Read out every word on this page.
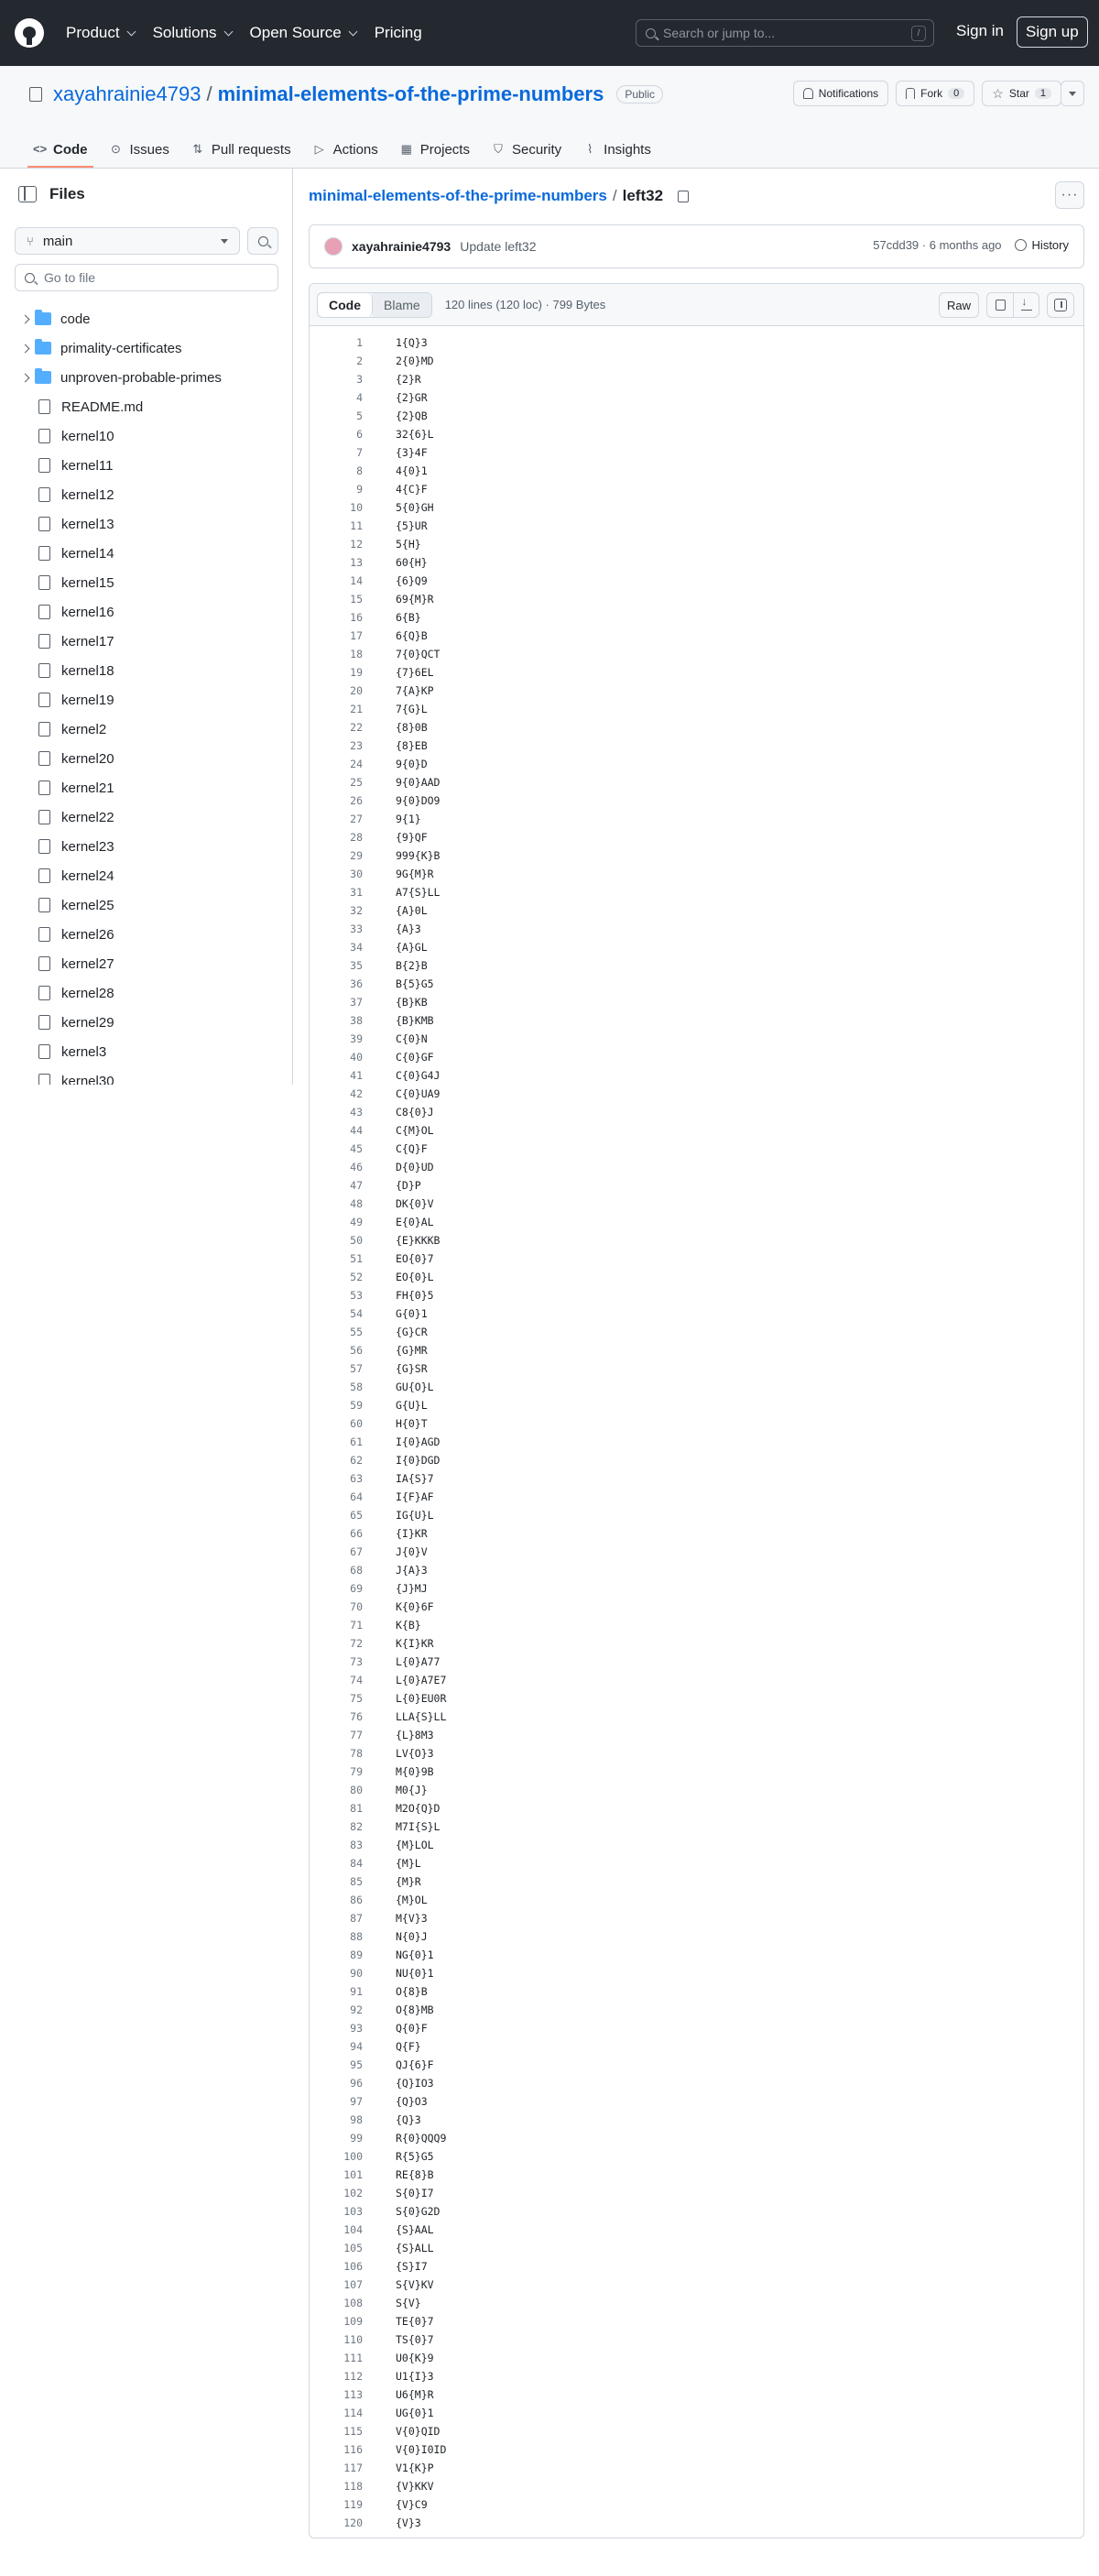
Product Solutions Open Source Pricing	Search or jump to...	/	Sign in	Sign up
xayahrainie4793 / minimal-elements-of-the-prime-numbers	Public	Notifications	Fork	0	☆ Star	1
<> Code ⊙ Issues ⇅ Pull requests ▷ Actions ▦ Projects ⛉ Security ⌇ Insights
Files
⑂ main
Go to file
code
primality-certificates
unproven-probable-primes
README.md
kernel10
kernel11
kernel12
kernel13
kernel14
kernel15
kernel16
kernel17
kernel18
kernel19
kernel2
kernel20
kernel21
kernel22
kernel23
kernel24
kernel25
kernel26
kernel27
kernel28
kernel29
kernel3
kernel30
minimal-elements-of-the-prime-numbers / left32	···
xayahrainie4793 Update left32	57cdd39 · 6 months ago	History
Code	Blame	120 lines (120 loc) · 799 Bytes	Raw
↓
1	1{Q}3
2	2{0}MD
3	{2}R
4	{2}GR
5	{2}QB
6	32{6}L
7	{3}4F
8	4{0}1
9	4{C}F
10	5{0}GH
11	{5}UR
12	5{H}
13	60{H}
14	{6}Q9
15	69{M}R
16	6{B}
17	6{Q}B
18	7{0}QCT
19	{7}6EL
20	7{A}KP
21	7{G}L
22	{8}0B
23	{8}EB
24	9{0}D
25	9{0}AAD
26	9{0}DO9
27	9{1}
28	{9}QF
29	999{K}B
30	9G{M}R
31	A7{S}LL
32	{A}0L
33	{A}3
34	{A}GL
35	B{2}B
36	B{5}G5
37	{B}KB
38	{B}KMB
39	C{0}N
40	C{0}GF
41	C{0}G4J
42	C{0}UA9
43	C8{0}J
44	C{M}OL
45	C{Q}F
46	D{0}UD
47	{D}P
48	DK{0}V
49	E{0}AL
50	{E}KKKB
51	EO{0}7
52	EO{0}L
53	FH{0}5
54	G{0}1
55	{G}CR
56	{G}MR
57	{G}SR
58	GU{O}L
59	G{U}L
60	H{0}T
61	I{0}AGD
62	I{0}DGD
63	IA{S}7
64	I{F}AF
65	IG{U}L
66	{I}KR
67	J{0}V
68	J{A}3
69	{J}MJ
70	K{0}6F
71	K{B}
72	K{I}KR
73	L{0}A77
74	L{0}A7E7
75	L{0}EU0R
76	LLA{S}LL
77	{L}8M3
78	LV{O}3
79	M{0}9B
80	M0{J}
81	M2O{Q}D
82	M7I{S}L
83	{M}LOL
84	{M}L
85	{M}R
86	{M}OL
87	M{V}3
88	N{0}J
89	NG{0}1
90	NU{0}1
91	O{8}B
92	O{8}MB
93	Q{0}F
94	Q{F}
95	QJ{6}F
96	{Q}IO3
97	{Q}O3
98	{Q}3
99	R{0}QQQ9
100	R{5}G5
101	RE{8}B
102	S{0}I7
103	S{0}G2D
104	{S}AAL
105	{S}ALL
106	{S}I7
107	S{V}KV
108	S{V}
109	TE{0}7
110	TS{0}7
111	U0{K}9
112	U1{I}3
113	U6{M}R
114	UG{0}1
115	V{0}QID
116	V{0}I0ID
117	V1{K}P
118	{V}KKV
119	{V}C9
120	{V}3
